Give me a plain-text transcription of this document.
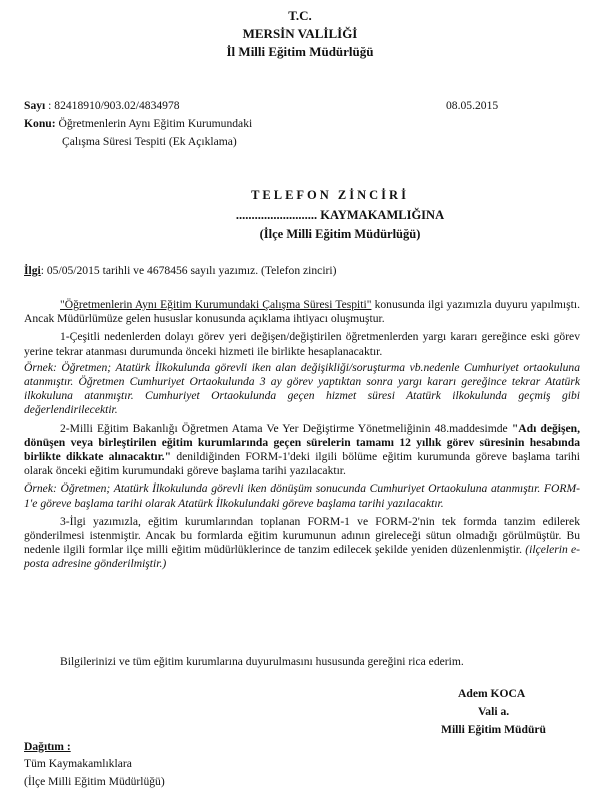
T.C.
MERSİN VALİLİĞİ
İl Milli Eğitim Müdürlüğü
Sayı : 82418910/903.02/4834978	08.05.2015
Konu: Öğretmenlerin Aynı Eğitim Kurumundaki
Çalışma Süresi Tespiti (Ek Açıklama)
TELEFON ZİNCİRİ
.......................... KAYMAKAMLIĞINA
(İlçe Milli Eğitim Müdürlüğü)
İlgi: 05/05/2015 tarihli ve 4678456 sayılı yazımız. (Telefon zinciri)

"Öğretmenlerin Aynı Eğitim Kurumundaki Çalışma Süresi Tespiti" konusunda ilgi yazımızla duyuru yapılmıştı. Ancak Müdürlümüze gelen hususlar konusunda açıklama ihtiyacı oluşmuştur.

1-Çeşitli nedenlerden dolayı görev yeri değişen/değiştirilen öğretmenlerden yargı kararı gereğince eski görev yerine tekrar atanması durumunda önceki hizmeti ile birlikte hesaplanacaktır.

Örnek: Öğretmen; Atatürk İlkokulunda görevli iken alan değişikliği/soruşturma vb.nedenle Cumhuriyet ortaokuluna atanmıştır. Öğretmen Cumhuriyet Ortaokulunda 3 ay görev yaptıktan sonra yargı kararı gereğince tekrar Atatürk ilkokuluna atanmıştır. Cumhuriyet Ortaokulunda geçen hizmet süresi Atatürk ilkokulunda geçmiş gibi değerlendirilecektir.

2-Milli Eğitim Bakanlığı Öğretmen Atama Ve Yer Değiştirme Yönetmeliğinin 48.maddesimde "Adı değişen, dönüşen veya birleştirilen eğitim kurumlarında geçen sürelerin tamamı 12 yıllık görev süresinin hesabında birlikte dikkate alınacaktır." denildiğinden FORM-1'deki ilgili bölüme eğitim kurumunda göreve başlama tarihi olarak önceki eğitim kurumundaki göreve başlama tarihi yazılacaktır.

Örnek: Öğretmen; Atatürk İlkokulunda görevli iken dönüşüm sonucunda Cumhuriyet Ortaokuluna atanmıştır. FORM-1'e göreve başlama tarihi olarak Atatürk İlkokulundaki göreve başlama tarihi yazılacaktır.

3-İlgi yazımızla, eğitim kurumlarından toplanan FORM-1 ve FORM-2'nin tek formda tanzim edilerek gönderilmesi istenmiştir. Ancak bu formlarda eğitim kurumunun adının gireleceği sütun olmadığı görülmüştür. Bu nedenle ilgili formlar ilçe milli eğitim müdürlüklerince de tanzim edilecek şekilde yeniden düzenlenmiştir. (ilçelerin e-posta adresine gönderilmiştir.)

Bilgilerinizi ve tüm eğitim kurumlarına duyurulmasını hususunda gereğini rica ederim.
Adem KOCA
Vali a.
Milli Eğitim Müdürü
Dağıtım :
Tüm Kaymakamlıklara
(İlçe Milli Eğitim Müdürlüğü)
